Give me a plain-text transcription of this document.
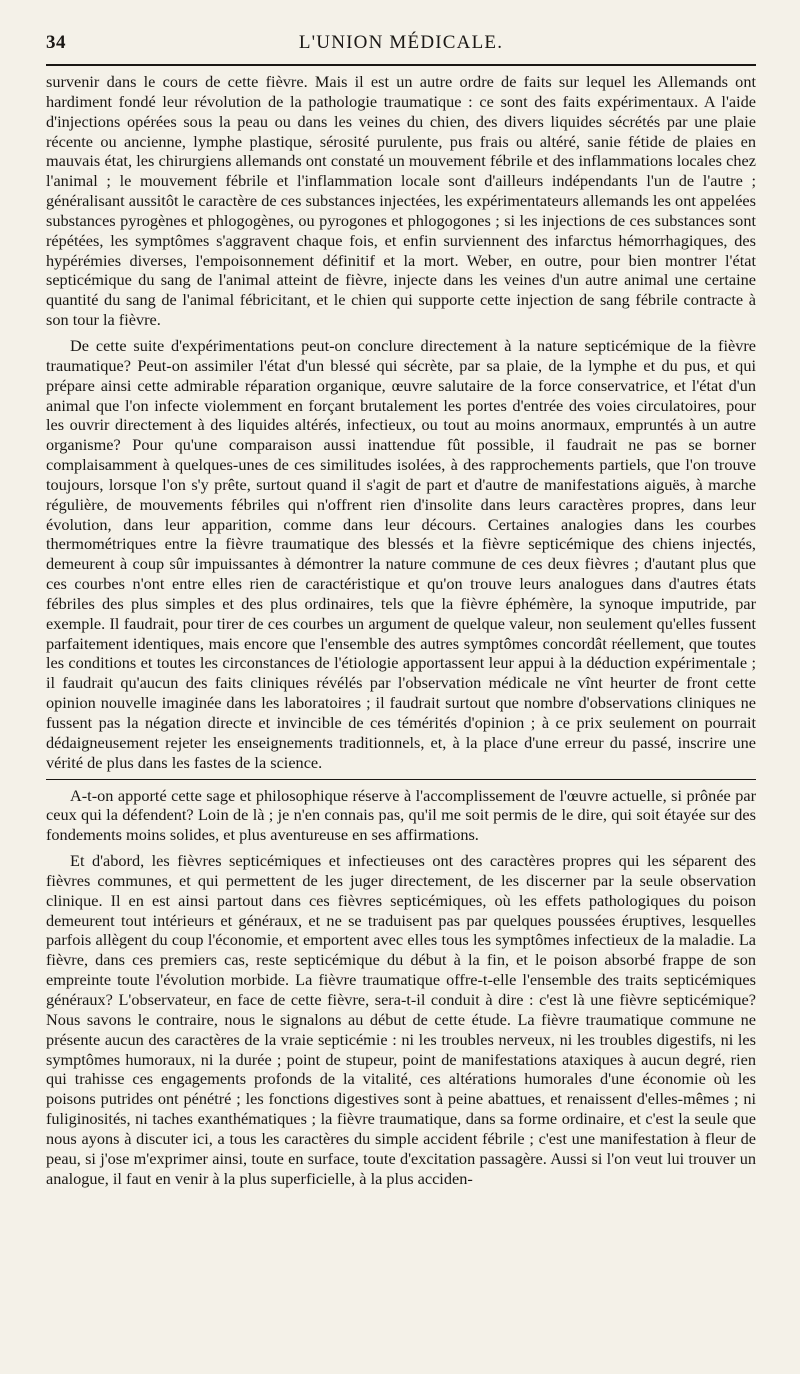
34	L'UNION MÉDICALE.

survenir dans le cours de cette fièvre. Mais il est un autre ordre de faits sur lequel les Allemands ont hardiment fondé leur révolution de la pathologie traumatique : ce sont des faits expérimentaux. A l'aide d'injections opérées sous la peau ou dans les veines du chien, des divers liquides sécrétés par une plaie récente ou ancienne, lymphe plastique, sérosité purulente, pus frais ou altéré, sanie fétide de plaies en mauvais état, les chirurgiens allemands ont constaté un mouvement fébrile et des inflammations locales chez l'animal ; le mouvement fébrile et l'inflammation locale sont d'ailleurs indépendants l'un de l'autre ; généralisant aussitôt le caractère de ces substances injectées, les expérimentateurs allemands les ont appelées substances pyrogènes et phlogogènes, ou pyrogones et phlogogones ; si les injections de ces substances sont répétées, les symptômes s'aggravent chaque fois, et enfin surviennent des infarctus hémorrhagiques, des hypérémies diverses, l'empoisonnement définitif et la mort. Weber, en outre, pour bien montrer l'état septicémique du sang de l'animal atteint de fièvre, injecte dans les veines d'un autre animal une certaine quantité du sang de l'animal fébricitant, et le chien qui supporte cette injection de sang fébrile contracte à son tour la fièvre.

De cette suite d'expérimentations peut-on conclure directement à la nature septicémique de la fièvre traumatique? Peut-on assimiler l'état d'un blessé qui sécrète, par sa plaie, de la lymphe et du pus, et qui prépare ainsi cette admirable réparation organique, œuvre salutaire de la force conservatrice, et l'état d'un animal que l'on infecte violemment en forçant brutalement les portes d'entrée des voies circulatoires, pour les ouvrir directement à des liquides altérés, infectieux, ou tout au moins anormaux, empruntés à un autre organisme? Pour qu'une comparaison aussi inattendue fût possible, il faudrait ne pas se borner complaisamment à quelques-unes de ces similitudes isolées, à des rapprochements partiels, que l'on trouve toujours, lorsque l'on s'y prête, surtout quand il s'agit de part et d'autre de manifestations aiguës, à marche régulière, de mouvements fébriles qui n'offrent rien d'insolite dans leurs caractères propres, dans leur évolution, dans leur apparition, comme dans leur décours. Certaines analogies dans les courbes thermométriques entre la fièvre traumatique des blessés et la fièvre septicémique des chiens injectés, demeurent à coup sûr impuissantes à démontrer la nature commune de ces deux fièvres ; d'autant plus que ces courbes n'ont entre elles rien de caractéristique et qu'on trouve leurs analogues dans d'autres états fébriles des plus simples et des plus ordinaires, tels que la fièvre éphémère, la synoque imputride, par exemple. Il faudrait, pour tirer de ces courbes un argument de quelque valeur, non seulement qu'elles fussent parfaitement identiques, mais encore que l'ensemble des autres symptômes concordât réellement, que toutes les conditions et toutes les circonstances de l'étiologie apportassent leur appui à la déduction expérimentale ; il faudrait qu'aucun des faits cliniques révélés par l'observation médicale ne vînt heurter de front cette opinion nouvelle imaginée dans les laboratoires ; il faudrait surtout que nombre d'observations cliniques ne fussent pas la négation directe et invincible de ces témérités d'opinion ; à ce prix seulement on pourrait dédaigneusement rejeter les enseignements traditionnels, et, à la place d'une erreur du passé, inscrire une vérité de plus dans les fastes de la science.

A-t-on apporté cette sage et philosophique réserve à l'accomplissement de l'œuvre actuelle, si prônée par ceux qui la défendent? Loin de là ; je n'en connais pas, qu'il me soit permis de le dire, qui soit étayée sur des fondements moins solides, et plus aventureuse en ses affirmations.

Et d'abord, les fièvres septicémiques et infectieuses ont des caractères propres qui les séparent des fièvres communes, et qui permettent de les juger directement, de les discerner par la seule observation clinique. Il en est ainsi partout dans ces fièvres septicémiques, où les effets pathologiques du poison demeurent tout intérieurs et généraux, et ne se traduisent pas par quelques poussées éruptives, lesquelles parfois allègent du coup l'économie, et emportent avec elles tous les symptômes infectieux de la maladie. La fièvre, dans ces premiers cas, reste septicémique du début à la fin, et le poison absorbé frappe de son empreinte toute l'évolution morbide. La fièvre traumatique offre-t-elle l'ensemble des traits septicémiques généraux? L'observateur, en face de cette fièvre, sera-t-il conduit à dire : c'est là une fièvre septicémique? Nous savons le contraire, nous le signalons au début de cette étude. La fièvre traumatique commune ne présente aucun des caractères de la vraie septicémie : ni les troubles nerveux, ni les troubles digestifs, ni les symptômes humoraux, ni la durée ; point de stupeur, point de manifestations ataxiques à aucun degré, rien qui trahisse ces engagements profonds de la vitalité, ces altérations humorales d'une économie où les poisons putrides ont pénétré ; les fonctions digestives sont à peine abattues, et renaissent d'elles-mêmes ; ni fuliginosités, ni taches exanthématiques ; la fièvre traumatique, dans sa forme ordinaire, et c'est la seule que nous ayons à discuter ici, a tous les caractères du simple accident fébrile ; c'est une manifestation à fleur de peau, si j'ose m'exprimer ainsi, toute en surface, toute d'excitation passagère. Aussi si l'on veut lui trouver un analogue, il faut en venir à la plus superficielle, à la plus acciden-
